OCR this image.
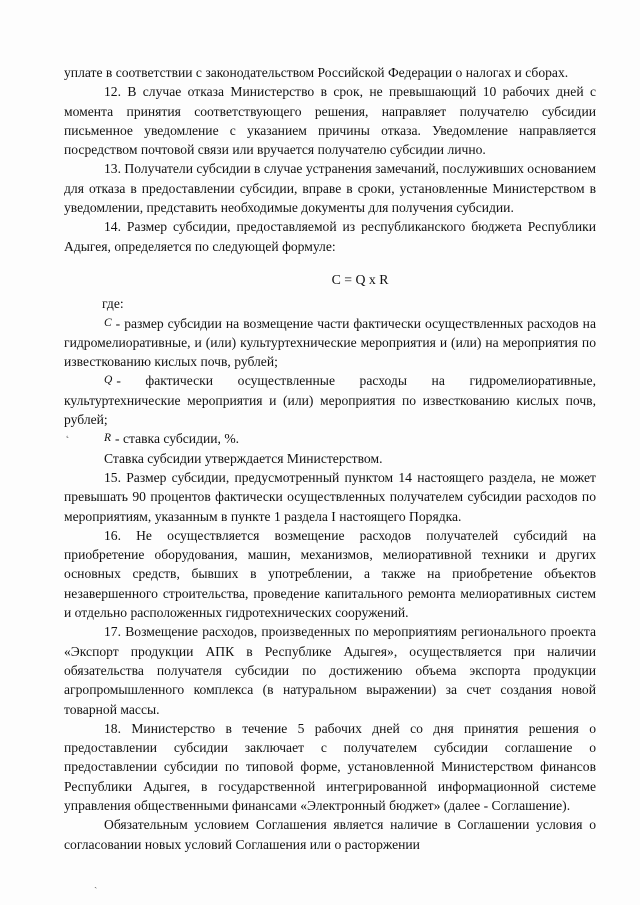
уплате в соответствии с законодательством Российской Федерации о налогах и сборах.

12. В случае отказа Министерство в срок, не превышающий 10 рабочих дней с момента принятия соответствующего решения, направляет получателю субсидии письменное уведомление с указанием причины отказа. Уведомление направляется посредством почтовой связи или вручается получателю субсидии лично.

13. Получатели субсидии в случае устранения замечаний, послуживших основанием для отказа в предоставлении субсидии, вправе в сроки, установленные Министерством в уведомлении, представить необходимые документы для получения субсидии.

14. Размер субсидии, предоставляемой из республиканского бюджета Республики Адыгея, определяется по следующей формуле:

C = Q x R

где:

C - размер субсидии на возмещение части фактически осуществленных расходов на гидромелиоративные, и (или) культуртехнические мероприятия и (или) на мероприятия по известкованию кислых почв, рублей;

Q - фактически осуществленные расходы на гидромелиоративные, культуртехнические мероприятия и (или) мероприятия по известкованию кислых почв, рублей;

R - ставка субсидии, %.

Ставка субсидии утверждается Министерством.

15. Размер субсидии, предусмотренный пунктом 14 настоящего раздела, не может превышать 90 процентов фактически осуществленных получателем субсидии расходов по мероприятиям, указанным в пункте 1 раздела I настоящего Порядка.

16. Не осуществляется возмещение расходов получателей субсидий на приобретение оборудования, машин, механизмов, мелиоративной техники и других основных средств, бывших в употреблении, а также на приобретение объектов незавершенного строительства, проведение капитального ремонта мелиоративных систем и отдельно расположенных гидротехнических сооружений.

17. Возмещение расходов, произведенных по мероприятиям регионального проекта «Экспорт продукции АПК в Республике Адыгея», осуществляется при наличии обязательства получателя субсидии по достижению объема экспорта продукции агропромышленного комплекса (в натуральном выражении) за счет создания новой товарной массы.

18. Министерство в течение 5 рабочих дней со дня принятия решения о предоставлении субсидии заключает с получателем субсидии соглашение о предоставлении субсидии по типовой форме, установленной Министерством финансов Республики Адыгея, в государственной интегрированной информационной системе управления общественными финансами «Электронный бюджет» (далее - Соглашение).

Обязательным условием Соглашения является наличие в Соглашении условия о согласовании новых условий Соглашения или о расторжении

˛
ˏ
